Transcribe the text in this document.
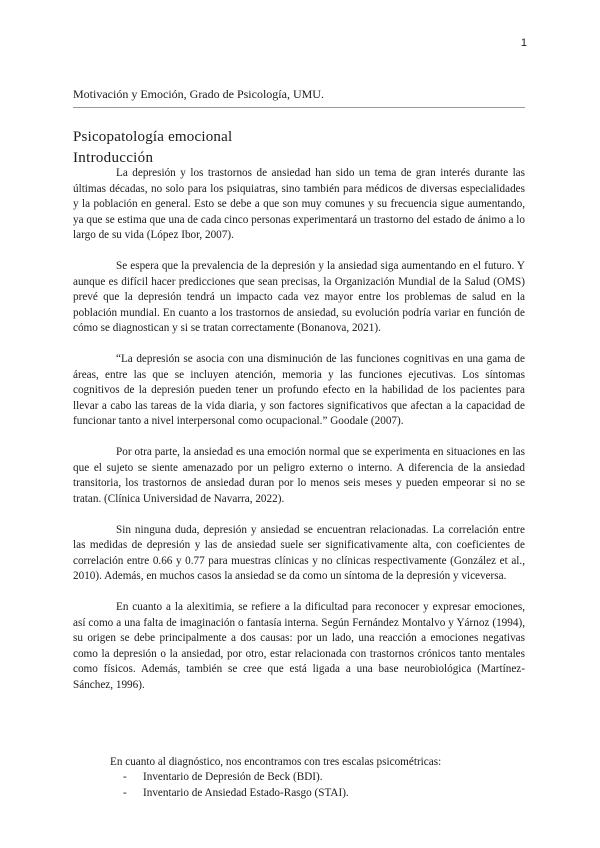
1
Motivación y Emoción, Grado de Psicología, UMU.
Psicopatología emocional
Introducción

La depresión y los trastornos de ansiedad han sido un tema de gran interés durante las últimas décadas, no solo para los psiquiatras, sino también para médicos de diversas especialidades y la población en general. Esto se debe a que son muy comunes y su frecuencia sigue aumentando, ya que se estima que una de cada cinco personas experimentará un trastorno del estado de ánimo a lo largo de su vida (López Ibor, 2007).

Se espera que la prevalencia de la depresión y la ansiedad siga aumentando en el futuro. Y aunque es difícil hacer predicciones que sean precisas, la Organización Mundial de la Salud (OMS) prevé que la depresión tendrá un impacto cada vez mayor entre los problemas de salud en la población mundial. En cuanto a los trastornos de ansiedad, su evolución podría variar en función de cómo se diagnostican y si se tratan correctamente (Bonanova, 2021).

“La depresión se asocia con una disminución de las funciones cognitivas en una gama de áreas, entre las que se incluyen atención, memoria y las funciones ejecutivas. Los síntomas cognitivos de la depresión pueden tener un profundo efecto en la habilidad de los pacientes para llevar a cabo las tareas de la vida diaria, y son factores significativos que afectan a la capacidad de funcionar tanto a nivel interpersonal como ocupacional.” Goodale (2007).

Por otra parte, la ansiedad es una emoción normal que se experimenta en situaciones en las que el sujeto se siente amenazado por un peligro externo o interno. A diferencia de la ansiedad transitoria, los trastornos de ansiedad duran por lo menos seis meses y pueden empeorar si no se tratan. (Clínica Universidad de Navarra, 2022).

Sin ninguna duda, depresión y ansiedad se encuentran relacionadas. La correlación entre las medidas de depresión y las de ansiedad suele ser significativamente alta, con coeficientes de correlación entre 0.66 y 0.77 para muestras clínicas y no clínicas respectivamente (González et al., 2010). Además, en muchos casos la ansiedad se da como un síntoma de la depresión y viceversa.

En cuanto a la alexitimia, se refiere a la dificultad para reconocer y expresar emociones, así como a una falta de imaginación o fantasía interna. Según Fernández Montalvo y Yárnoz (1994), su origen se debe principalmente a dos causas: por un lado, una reacción a emociones negativas como la depresión o la ansiedad, por otro, estar relacionada con trastornos crónicos tanto mentales como físicos. Además, también se cree que está ligada a una base neurobiológica (Martínez-Sánchez, 1996).

En cuanto al diagnóstico, nos encontramos con tres escalas psicométricas:

- Inventario de Depresión de Beck (BDI).
- Inventario de Ansiedad Estado-Rasgo (STAI).
